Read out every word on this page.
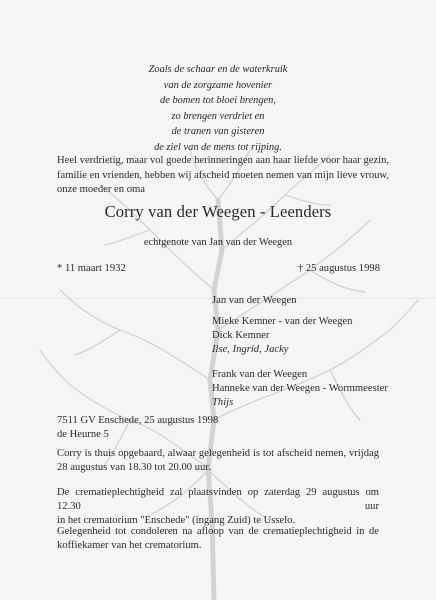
Zoals de schaar en de waterkruik
van de zorgzame hovenier
de bomen tot bloei brengen,
zo brengen verdriet en
de tranen van gisteren
de ziel van de mens tot rijping.
Heel verdrietig, maar vol goede herinneringen aan haar liefde voor haar gezin,
familie en vrienden, hebben wij afscheid moeten nemen van mijn lieve vrouw,
onze moeder en oma
Corry van der Weegen - Leenders
echtgenote van Jan van der Weegen
* 11 maart 1932	† 25 augustus 1998
Jan van der Weegen
Mieke Kemner - van der Weegen
Dick Kemner
Ilse, Ingrid, Jacky
Frank van der Weegen
Hanneke van der Weegen - Wormmeester
Thijs
7511 GV Enschede, 25 augustus 1998
de Heurne 5
Corry is thuis opgebaard, alwaar gelegenheid is tot afscheid nemen, vrijdag
28 augustus van 18.30 tot 20.00 uur.
De crematieplechtigheid zal plaatsvinden op zaterdag 29 augustus om 12.30 uur
in het crematorium "Enschede" (ingang Zuid) te Usselo.
Gelegenheid tot condoleren na afloop van de crematieplechtigheid in de
koffiekamer van het crematorium.
